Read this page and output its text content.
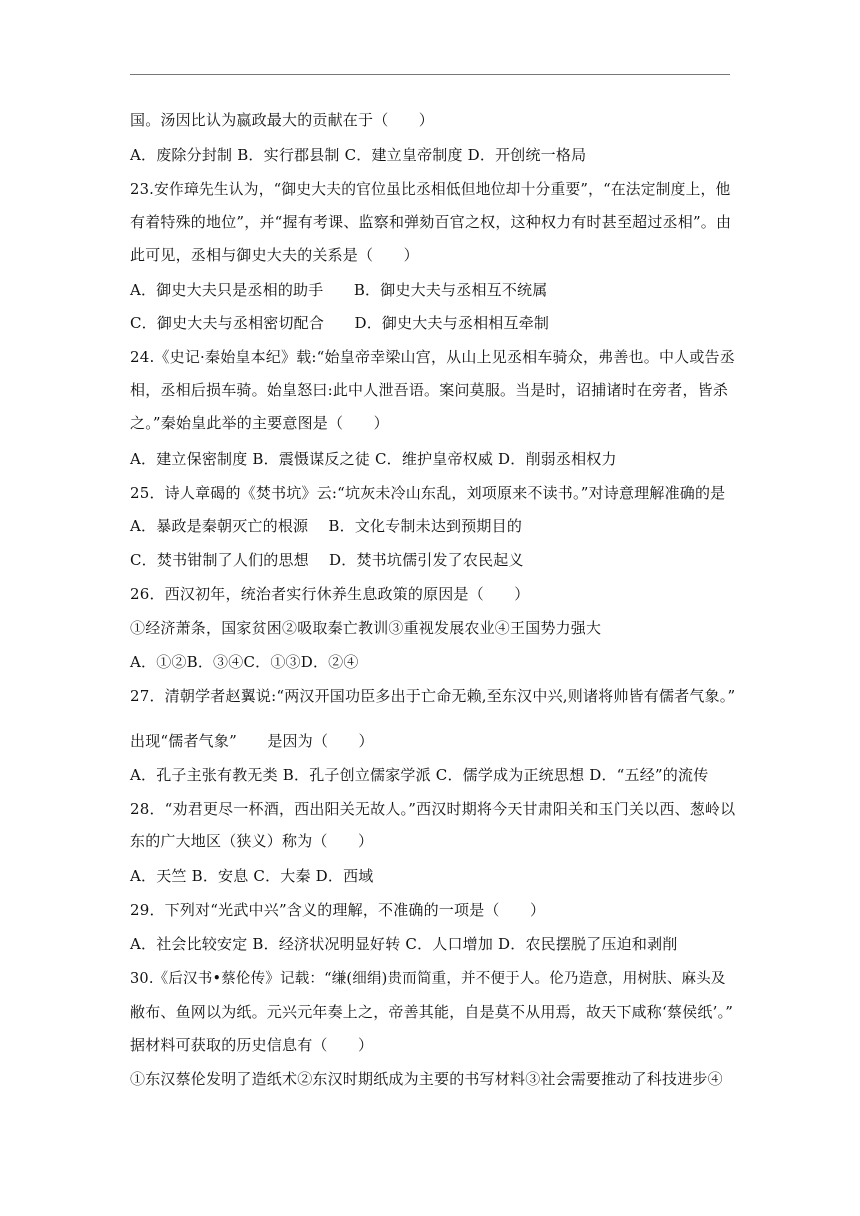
国。汤因比认为嬴政最大的贡献在于（　　）
A．废除分封制 B．实行郡县制 C．建立皇帝制度 D．开创统一格局
23.安作璋先生认为，“御史大夫的官位虽比丞相低但地位却十分重要”，“在法定制度上，他
有着特殊的地位”，并“握有考课、监察和弹劾百官之权，这种权力有时甚至超过丞相”。由
此可见，丞相与御史大夫的关系是（　　）
A．御史大夫只是丞相的助手　　B．御史大夫与丞相互不统属
C．御史大夫与丞相密切配合　　D．御史大夫与丞相相互牵制
24.《史记·秦始皇本纪》载:“始皇帝幸梁山宫，从山上见丞相车骑众，弗善也。中人或告丞
相，丞相后损车骑。始皇怒曰:此中人泄吾语。案问莫服。当是时，诏捕诸时在旁者，皆杀
之。”秦始皇此举的主要意图是（　　）
A．建立保密制度 B．震慑谋反之徒 C．维护皇帝权威 D．削弱丞相权力
25．诗人章碣的《焚书坑》云:“坑灰未冷山东乱，刘项原来不读书。”对诗意理解准确的是
A．暴政是秦朝灭亡的根源　 B．文化专制未达到预期目的
C．焚书钳制了人们的思想　 D．焚书坑儒引发了农民起义
26．西汉初年，统治者实行休养生息政策的原因是（　　）
①经济萧条，国家贫困②吸取秦亡教训③重视发展农业④王国势力强大
A．①②B．③④C．①③D．②④
27．清朝学者赵翼说:“两汉开国功臣多出于亡命无赖,至东汉中兴,则诸将帅皆有儒者气象。”
出现“儒者气象”　　是因为（　　）
A．孔子主张有教无类 B．孔子创立儒家学派 C．儒学成为正统思想 D．“五经”的流传
28．“劝君更尽一杯酒，西出阳关无故人。”西汉时期将今天甘肃阳关和玉门关以西、葱岭以
东的广大地区（狭义）称为（　　）
A．天竺 B．安息 C．大秦 D．西域
29．下列对“光武中兴”含义的理解，不准确的一项是（　　）
A．社会比较安定 B．经济状况明显好转 C．人口增加 D．农民摆脱了压迫和剥削
30.《后汉书•蔡伦传》记载：“缣(细绢)贵而简重，并不便于人。伦乃造意，用树肤、麻头及
敝布、鱼网以为纸。元兴元年奏上之，帝善其能，自是莫不从用焉，故天下咸称‘蔡侯纸’。”
据材料可获取的历史信息有（　　）
①东汉蔡伦发明了造纸术②东汉时期纸成为主要的书写材料③社会需要推动了科技进步④
